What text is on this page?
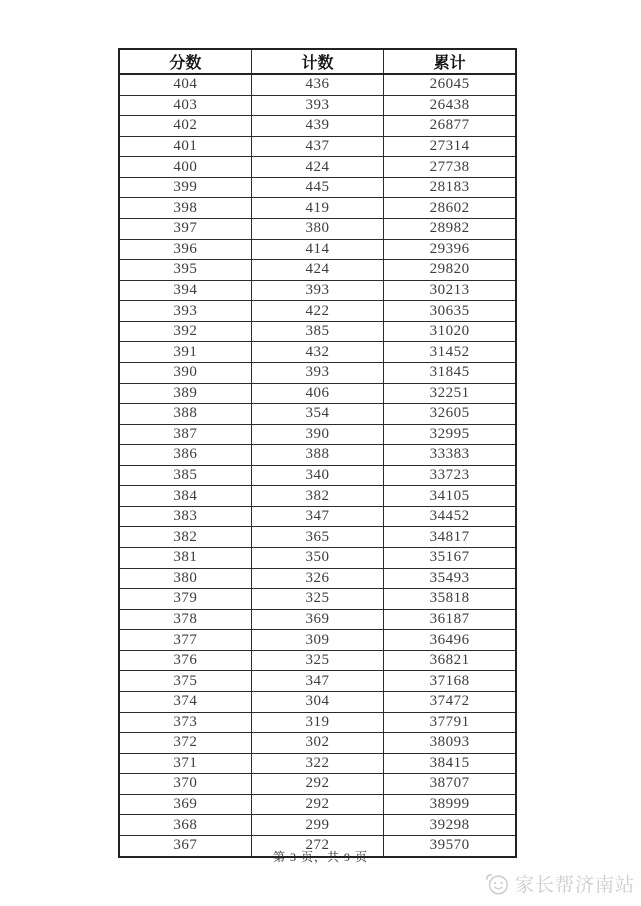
分数	计数	累计
404	436	26045
403	393	26438
402	439	26877
401	437	27314
400	424	27738
399	445	28183
398	419	28602
397	380	28982
396	414	29396
395	424	29820
394	393	30213
393	422	30635
392	385	31020
391	432	31452
390	393	31845
389	406	32251
388	354	32605
387	390	32995
386	388	33383
385	340	33723
384	382	34105
383	347	34452
382	365	34817
381	350	35167
380	326	35493
379	325	35818
378	369	36187
377	309	36496
376	325	36821
375	347	37168
374	304	37472
373	319	37791
372	302	38093
371	322	38415
370	292	38707
369	292	38999
368	299	39298
367	272	39570
第 3 页，共 9 页
家长帮济南站
